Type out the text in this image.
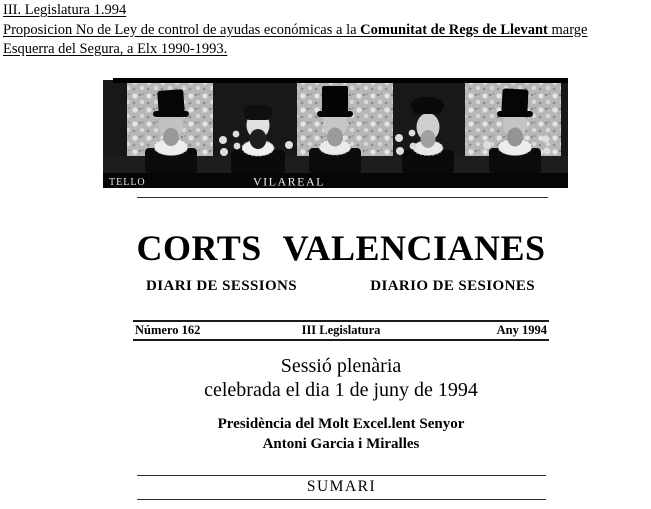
III. Legislatura 1.994
Proposicion No de Ley de control de ayudas económicas a la Comunitat de Regs de Llevant marge
Esquerra del Segura, a Elx 1990-1993.
TELLO	VILAREAL
CORTS VALENCIANES
DIARI DE SESSIONS	DIARIO DE SESIONES
Número 162	III Legislatura	Any 1994
Sessió plenària
celebrada el dia 1 de juny de 1994
Presidència del Molt Excel.lent Senyor
Antoni Garcia i Miralles
SUMARI
